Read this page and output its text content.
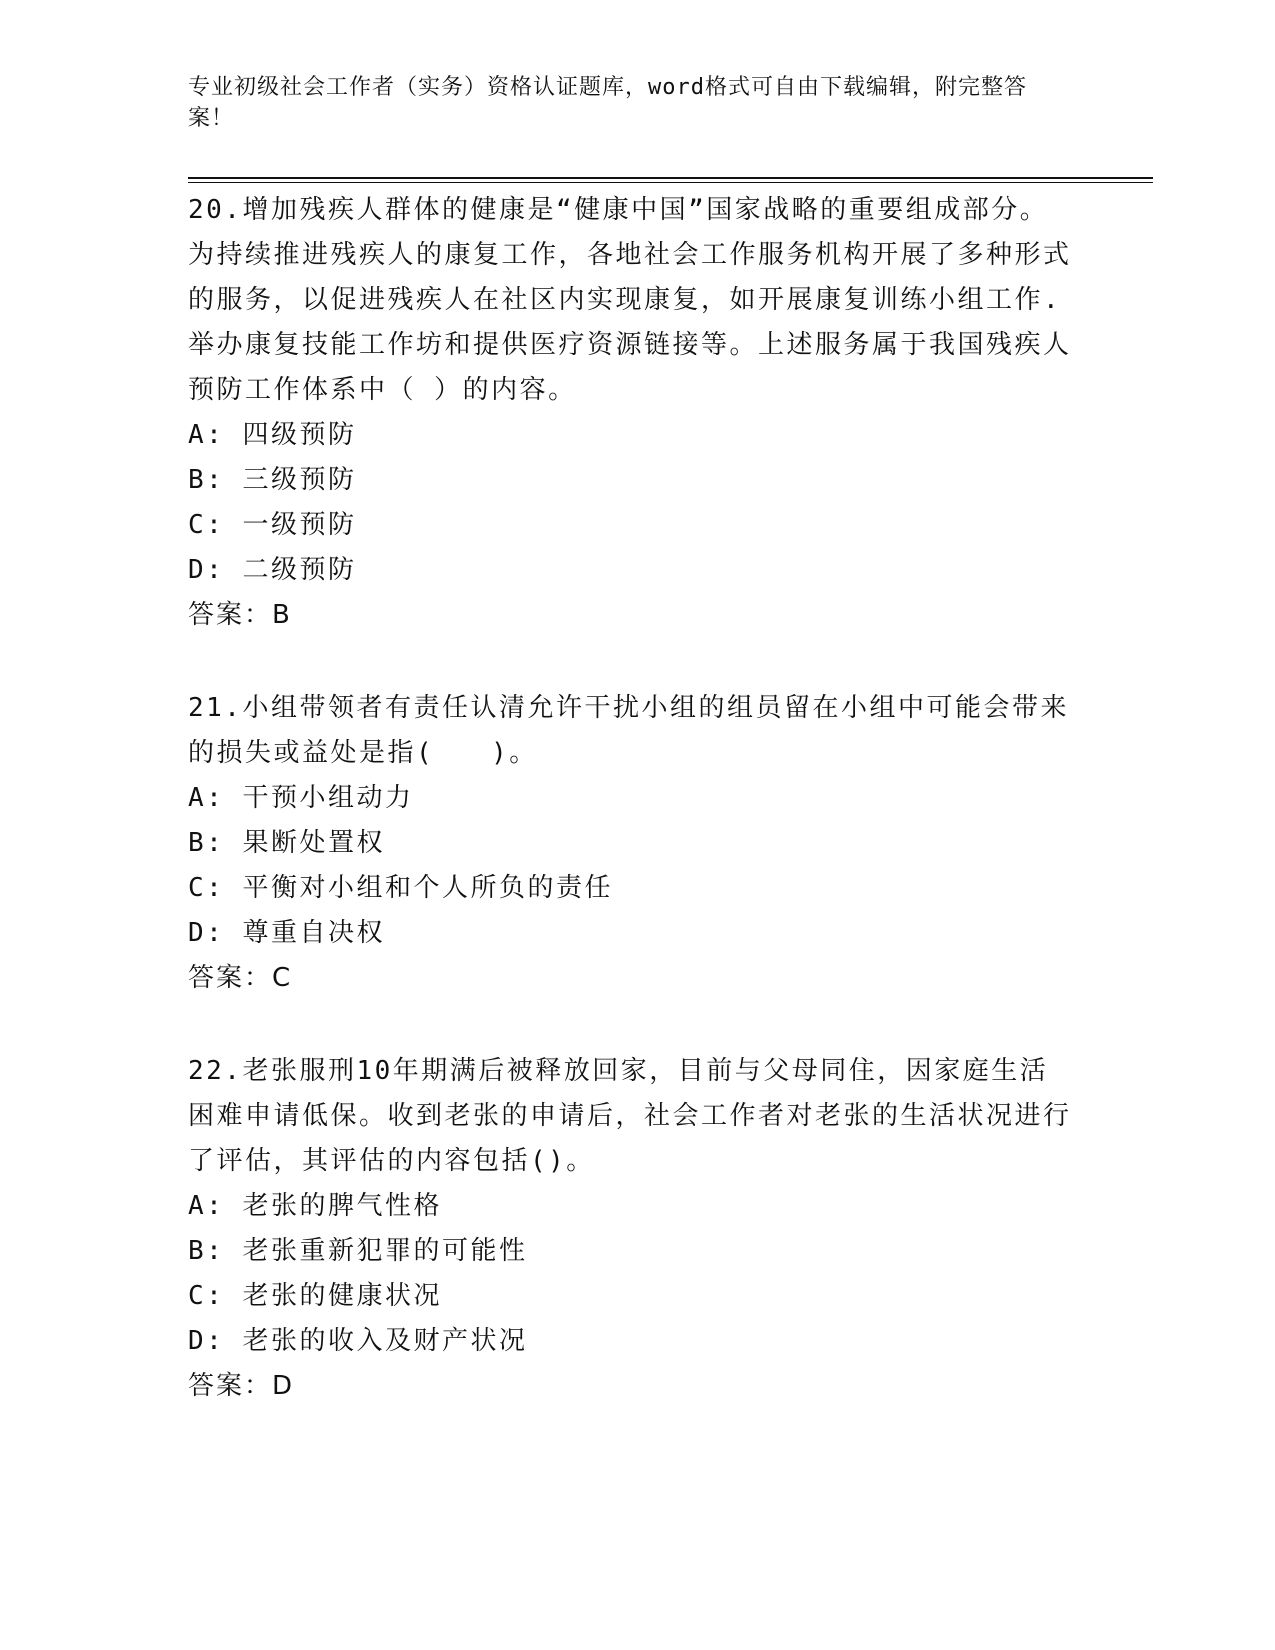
专业初级社会工作者（实务）资格认证题库，word格式可自由下载编辑，附完整答案！
20.增加残疾人群体的健康是“健康中国”国家战略的重要组成部分。为持续推进残疾人的康复工作，各地社会工作服务机构开展了多种形式的服务，以促进残疾人在社区内实现康复，如开展康复训练小组工作.举办康复技能工作坊和提供医疗资源链接等。上述服务属于我国残疾人预防工作体系中（ ）的内容。
A: 四级预防
B: 三级预防
C: 一级预防
D: 二级预防
答案：B
21.小组带领者有责任认清允许干扰小组的组员留在小组中可能会带来的损失或益处是指(　　)。
A: 干预小组动力
B: 果断处置权
C: 平衡对小组和个人所负的责任
D: 尊重自决权
答案：C
22.老张服刑10年期满后被释放回家，目前与父母同住，因家庭生活困难申请低保。收到老张的申请后，社会工作者对老张的生活状况进行了评估，其评估的内容包括()。
A: 老张的脾气性格
B: 老张重新犯罪的可能性
C: 老张的健康状况
D: 老张的收入及财产状况
答案：D
